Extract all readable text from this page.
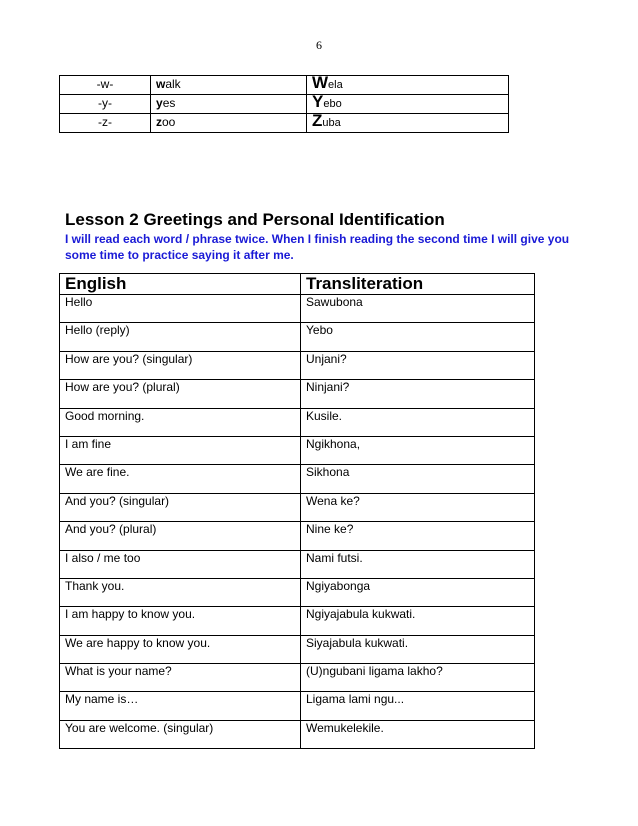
6
-w-	walk	Wela
-y-	yes	Yebo
-z-	zoo	Zuba
Lesson 2 Greetings and Personal Identification
I will read each word / phrase twice. When I finish reading the second time I will give you some time to practice saying it after me.
English	Transliteration
Hello	Sawubona
Hello (reply)	Yebo
How are you? (singular)	Unjani?
How are you? (plural)	Ninjani?
Good morning.	Kusile.
I am fine	Ngikhona,
We are fine.	Sikhona
And you? (singular)	Wena ke?
And you? (plural)	Nine ke?
I also / me too	Nami futsi.
Thank you.	Ngiyabonga
I am happy to know you.	Ngiyajabula kukwati.
We are happy to know you.	Siyajabula kukwati.
What is your name?	(U)ngubani ligama lakho?
My name is…	Ligama lami ngu...
You are welcome. (singular)	Wemukelekile.
